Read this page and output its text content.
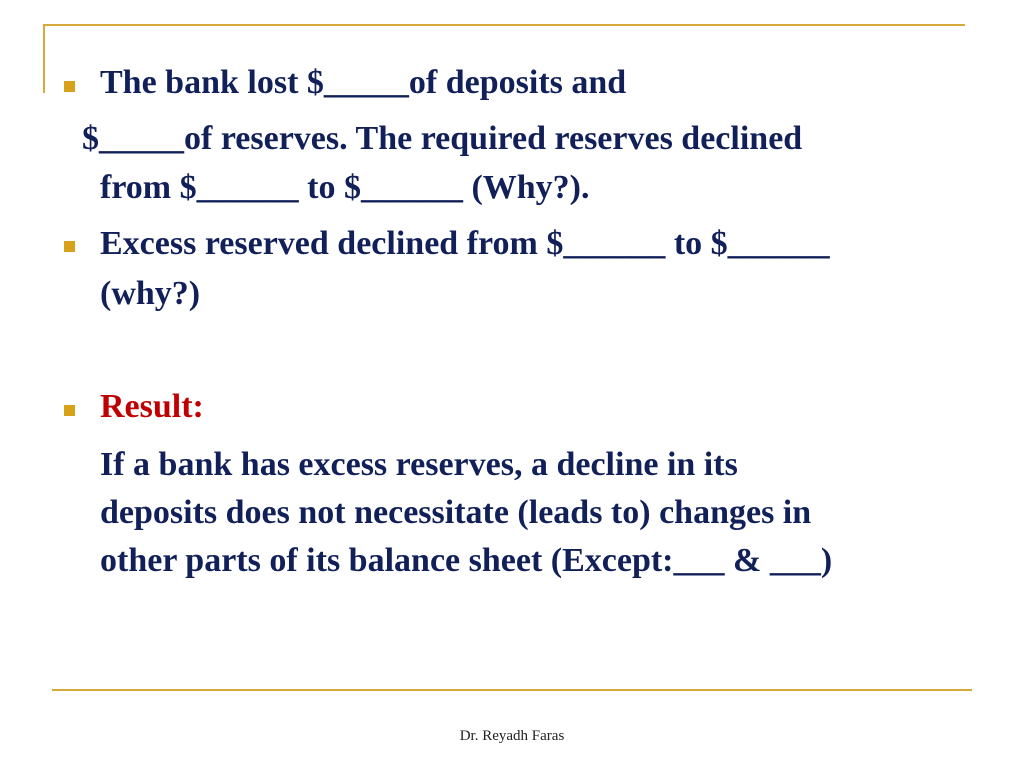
The bank lost $_____of deposits and
$_____of reserves. The required reserves declined
from $______ to $______ (Why?).
Excess reserved declined from $______ to $______
(why?)
Result:
If a bank has excess reserves, a decline in its
deposits does not necessitate (leads to) changes in
other parts of its balance sheet (Except:___ & ___)
Dr. Reyadh Faras
